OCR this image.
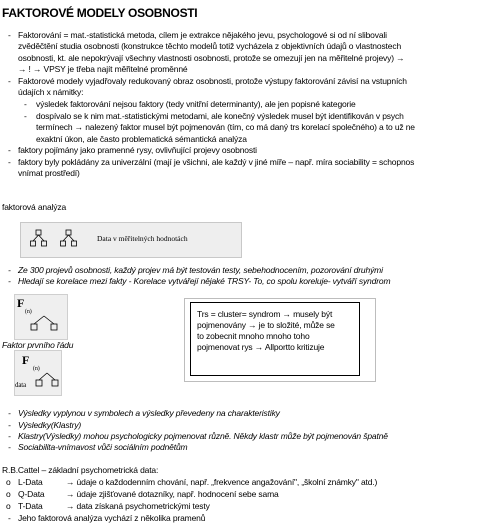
FAKTOROVÉ MODELY OSOBNOSTI
- Faktorování = mat.-statistická metoda, cílem je extrakce nějakého jevu, psychologové si od ní slibovali
zvěděčtění studia osobnosti (konstrukce těchto modelů totiž vycházela z objektivních údajů o vlastnostech
osobnosti, kt. ale nepokrývají všechny vlastnosti osobnosti, protože se omezují jen na měřitelné projevy) →
→ ! → VPSY je třeba najít měřitelné proměnné
- Faktorové modely vyjadřovaly redukovaný obraz osobnosti, protože výstupy faktorování závisí na vstupních
údajích x námitky:
- výsledek faktorování nejsou faktory (tedy vnitřní determinanty), ale jen popisné kategorie
- dospívalo se k nim mat.-statistickými metodami, ale konečný výsledek musel být identifikován v psych
termínech → nalezený faktor musel být pojmenován (tím, co má daný trs korelací společného) a to už ne
exaktní úkon, ale často problematická sémantická analýza
- faktory pojímány jako pramenné rysy, ovlivňující projevy osobnosti
- faktory byly pokládány za univerzální (mají je všichni, ale každý v jiné míře – např. míra sociability = schopnos
vnímat prostředí)
faktorová analýza
Data v měřitelných hodnotách
- Ze 300 projevů osobnosti, každý projev má být testován testy, sebehodnocením, pozorování druhými
- Hledají se korelace mezi fakty - Korelace vytvářejí nějaké TRSY- To, co spolu koreluje- vytváří syndrom
F
(n)
Faktor prvního řádu
F
(n)
data
Trs = cluster= syndrom → musely být
pojmenovány → je to složité, může se
to zobecnit mnoho mnoho toho
pojmenovat rys → Allportto kritizuje
- Výsledky vyplynou v symbolech a výsledky převedeny na charakteristiky
- Výsledky(Klastry)
- Klastry(Výsledky) mohou psychologicky pojmenovat různě. Někdy klastr může být pojmenován špatně
- Sociabilita-vnímavost vůči sociálním podnětům
R.B.Cattel – základní psychometrická data:
o L-Data	→ údaje o každodenním chování, např. „frekvence angažování", „školní známky" atd.)
o Q-Data	→ údaje zjišťované dotazníky, např. hodnocení sebe sama
o T-Data	→ data získaná psychometrickými testy
- Jeho faktorová analýza vychází z několika pramenů
